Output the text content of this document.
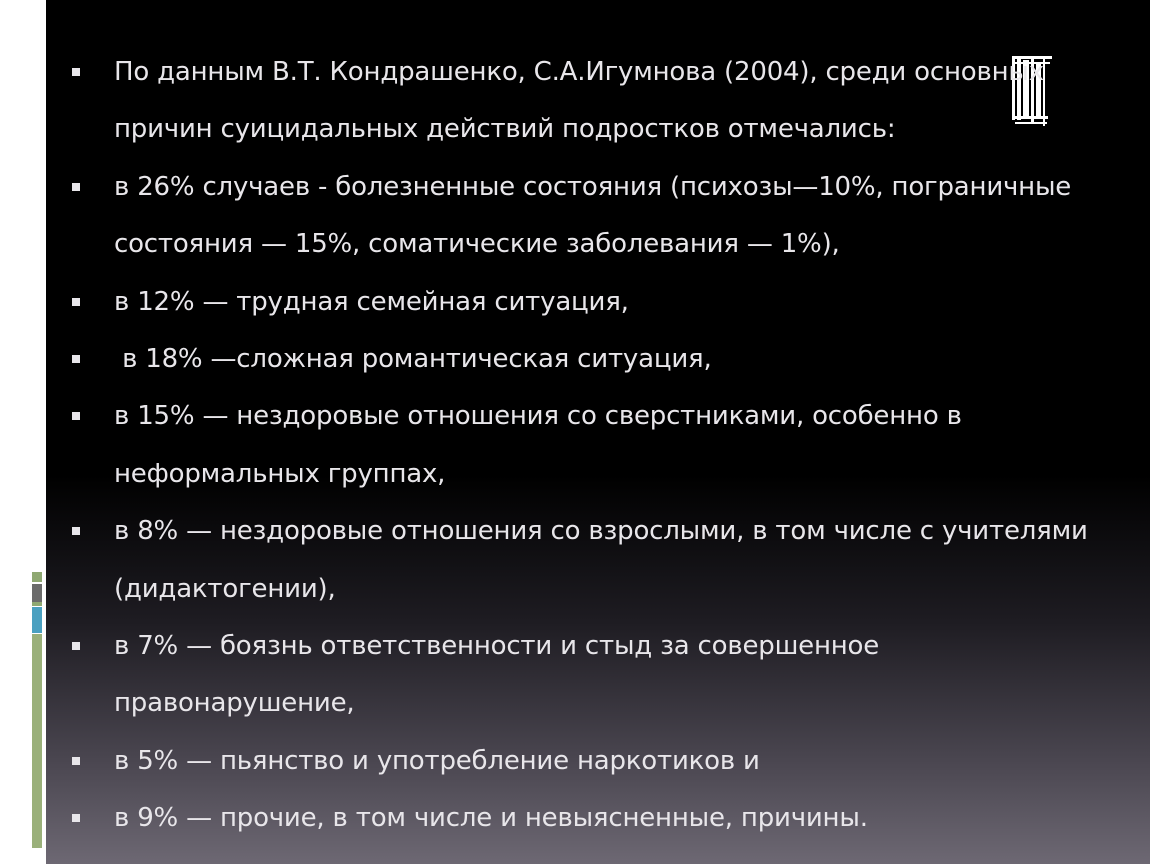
По данным В.Т. Кондрашенко, С.А.Игумнова (2004), среди основных причин суицидальных действий подростков отмечались:
в 26% случаев - болезненные состояния (психозы—10%, пограничные состояния — 15%, соматические заболевания — 1%),
в 12% — трудная семейная ситуация,
в 18% —сложная романтическая ситуация,
в 15% — нездоровые отношения со сверстниками, особенно в неформальных группах,
в 8% — нездоровые отношения со взрослыми, в том числе с учителями (дидактогении),
в 7% — боязнь ответственности и стыд за совершенное правонарушение,
в 5% — пьянство и употребление наркотиков и
в 9% — прочие, в том числе и невыясненные, причины.
